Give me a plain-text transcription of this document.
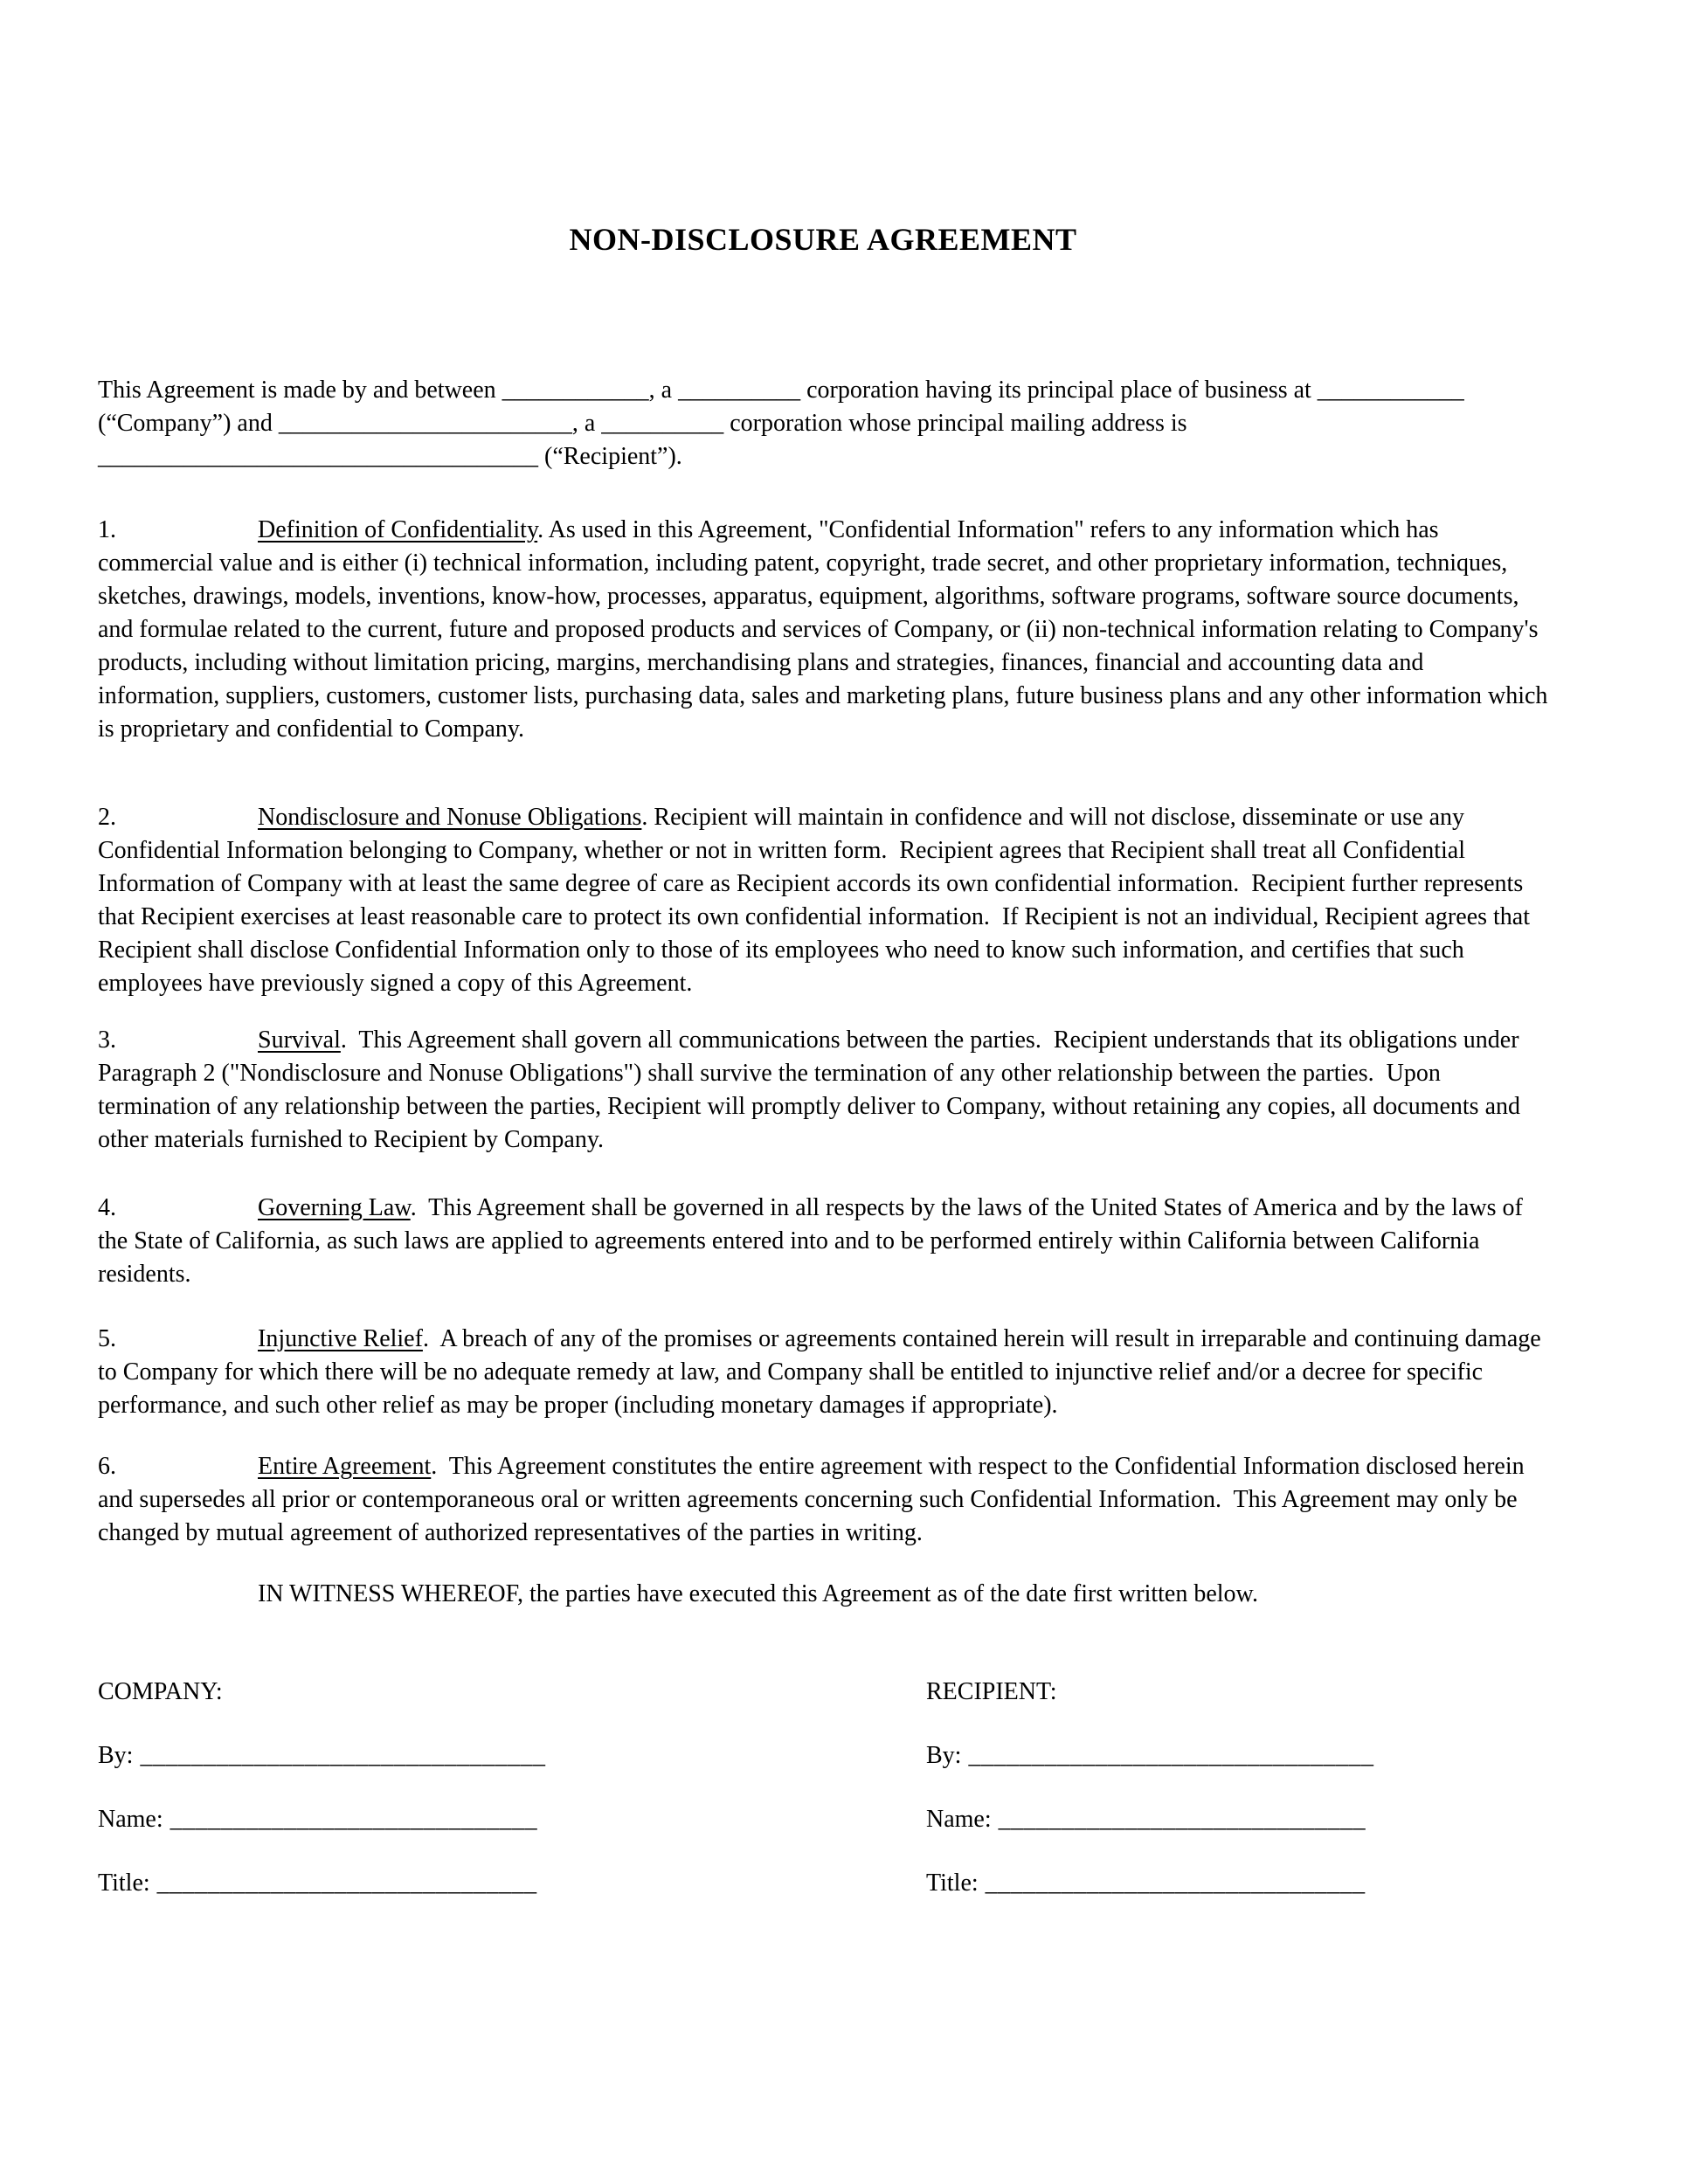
NON-DISCLOSURE AGREEMENT

This Agreement is made by and between ____________, a __________ corporation having its principal place of business at ____________ (“Company”) and ________________________, a __________ corporation whose principal mailing address is ____________________________________ (“Recipient”).

1.	Definition of Confidentiality. As used in this Agreement, "Confidential Information" refers to any information which has commercial value and is either (i) technical information, including patent, copyright, trade secret, and other proprietary information, techniques, sketches, drawings, models, inventions, know-how, processes, apparatus, equipment, algorithms, software programs, software source documents, and formulae related to the current, future and proposed products and services of Company, or (ii) non-technical information relating to Company's products, including without limitation pricing, margins, merchandising plans and strategies, finances, financial and accounting data and information, suppliers, customers, customer lists, purchasing data, sales and marketing plans, future business plans and any other information which is proprietary and confidential to Company.

2.	Nondisclosure and Nonuse Obligations. Recipient will maintain in confidence and will not disclose, disseminate or use any Confidential Information belonging to Company, whether or not in written form.  Recipient agrees that Recipient shall treat all Confidential Information of Company with at least the same degree of care as Recipient accords its own confidential information.  Recipient further represents that Recipient exercises at least reasonable care to protect its own confidential information.  If Recipient is not an individual, Recipient agrees that Recipient shall disclose Confidential Information only to those of its employees who need to know such information, and certifies that such employees have previously signed a copy of this Agreement.

3.	Survival.  This Agreement shall govern all communications between the parties.  Recipient understands that its obligations under Paragraph 2 ("Nondisclosure and Nonuse Obligations") shall survive the termination of any other relationship between the parties.  Upon termination of any relationship between the parties, Recipient will promptly deliver to Company, without retaining any copies, all documents and other materials furnished to Recipient by Company.

4.	Governing Law.  This Agreement shall be governed in all respects by the laws of the United States of America and by the laws of the State of California, as such laws are applied to agreements entered into and to be performed entirely within California between California residents.

5.	Injunctive Relief.  A breach of any of the promises or agreements contained herein will result in irreparable and continuing damage to Company for which there will be no adequate remedy at law, and Company shall be entitled to injunctive relief and/or a decree for specific performance, and such other relief as may be proper (including monetary damages if appropriate).

6.	Entire Agreement.  This Agreement constitutes the entire agreement with respect to the Confidential Information disclosed herein and supersedes all prior or contemporaneous oral or written agreements concerning such Confidential Information.  This Agreement may only be changed by mutual agreement of authorized representatives of the parties in writing.

IN WITNESS WHEREOF, the parties have executed this Agreement as of the date first written below.

COMPANY:

By: ________________________________

Name: _____________________________

Title: ______________________________

RECIPIENT:

By: ________________________________

Name: _____________________________

Title: ______________________________
